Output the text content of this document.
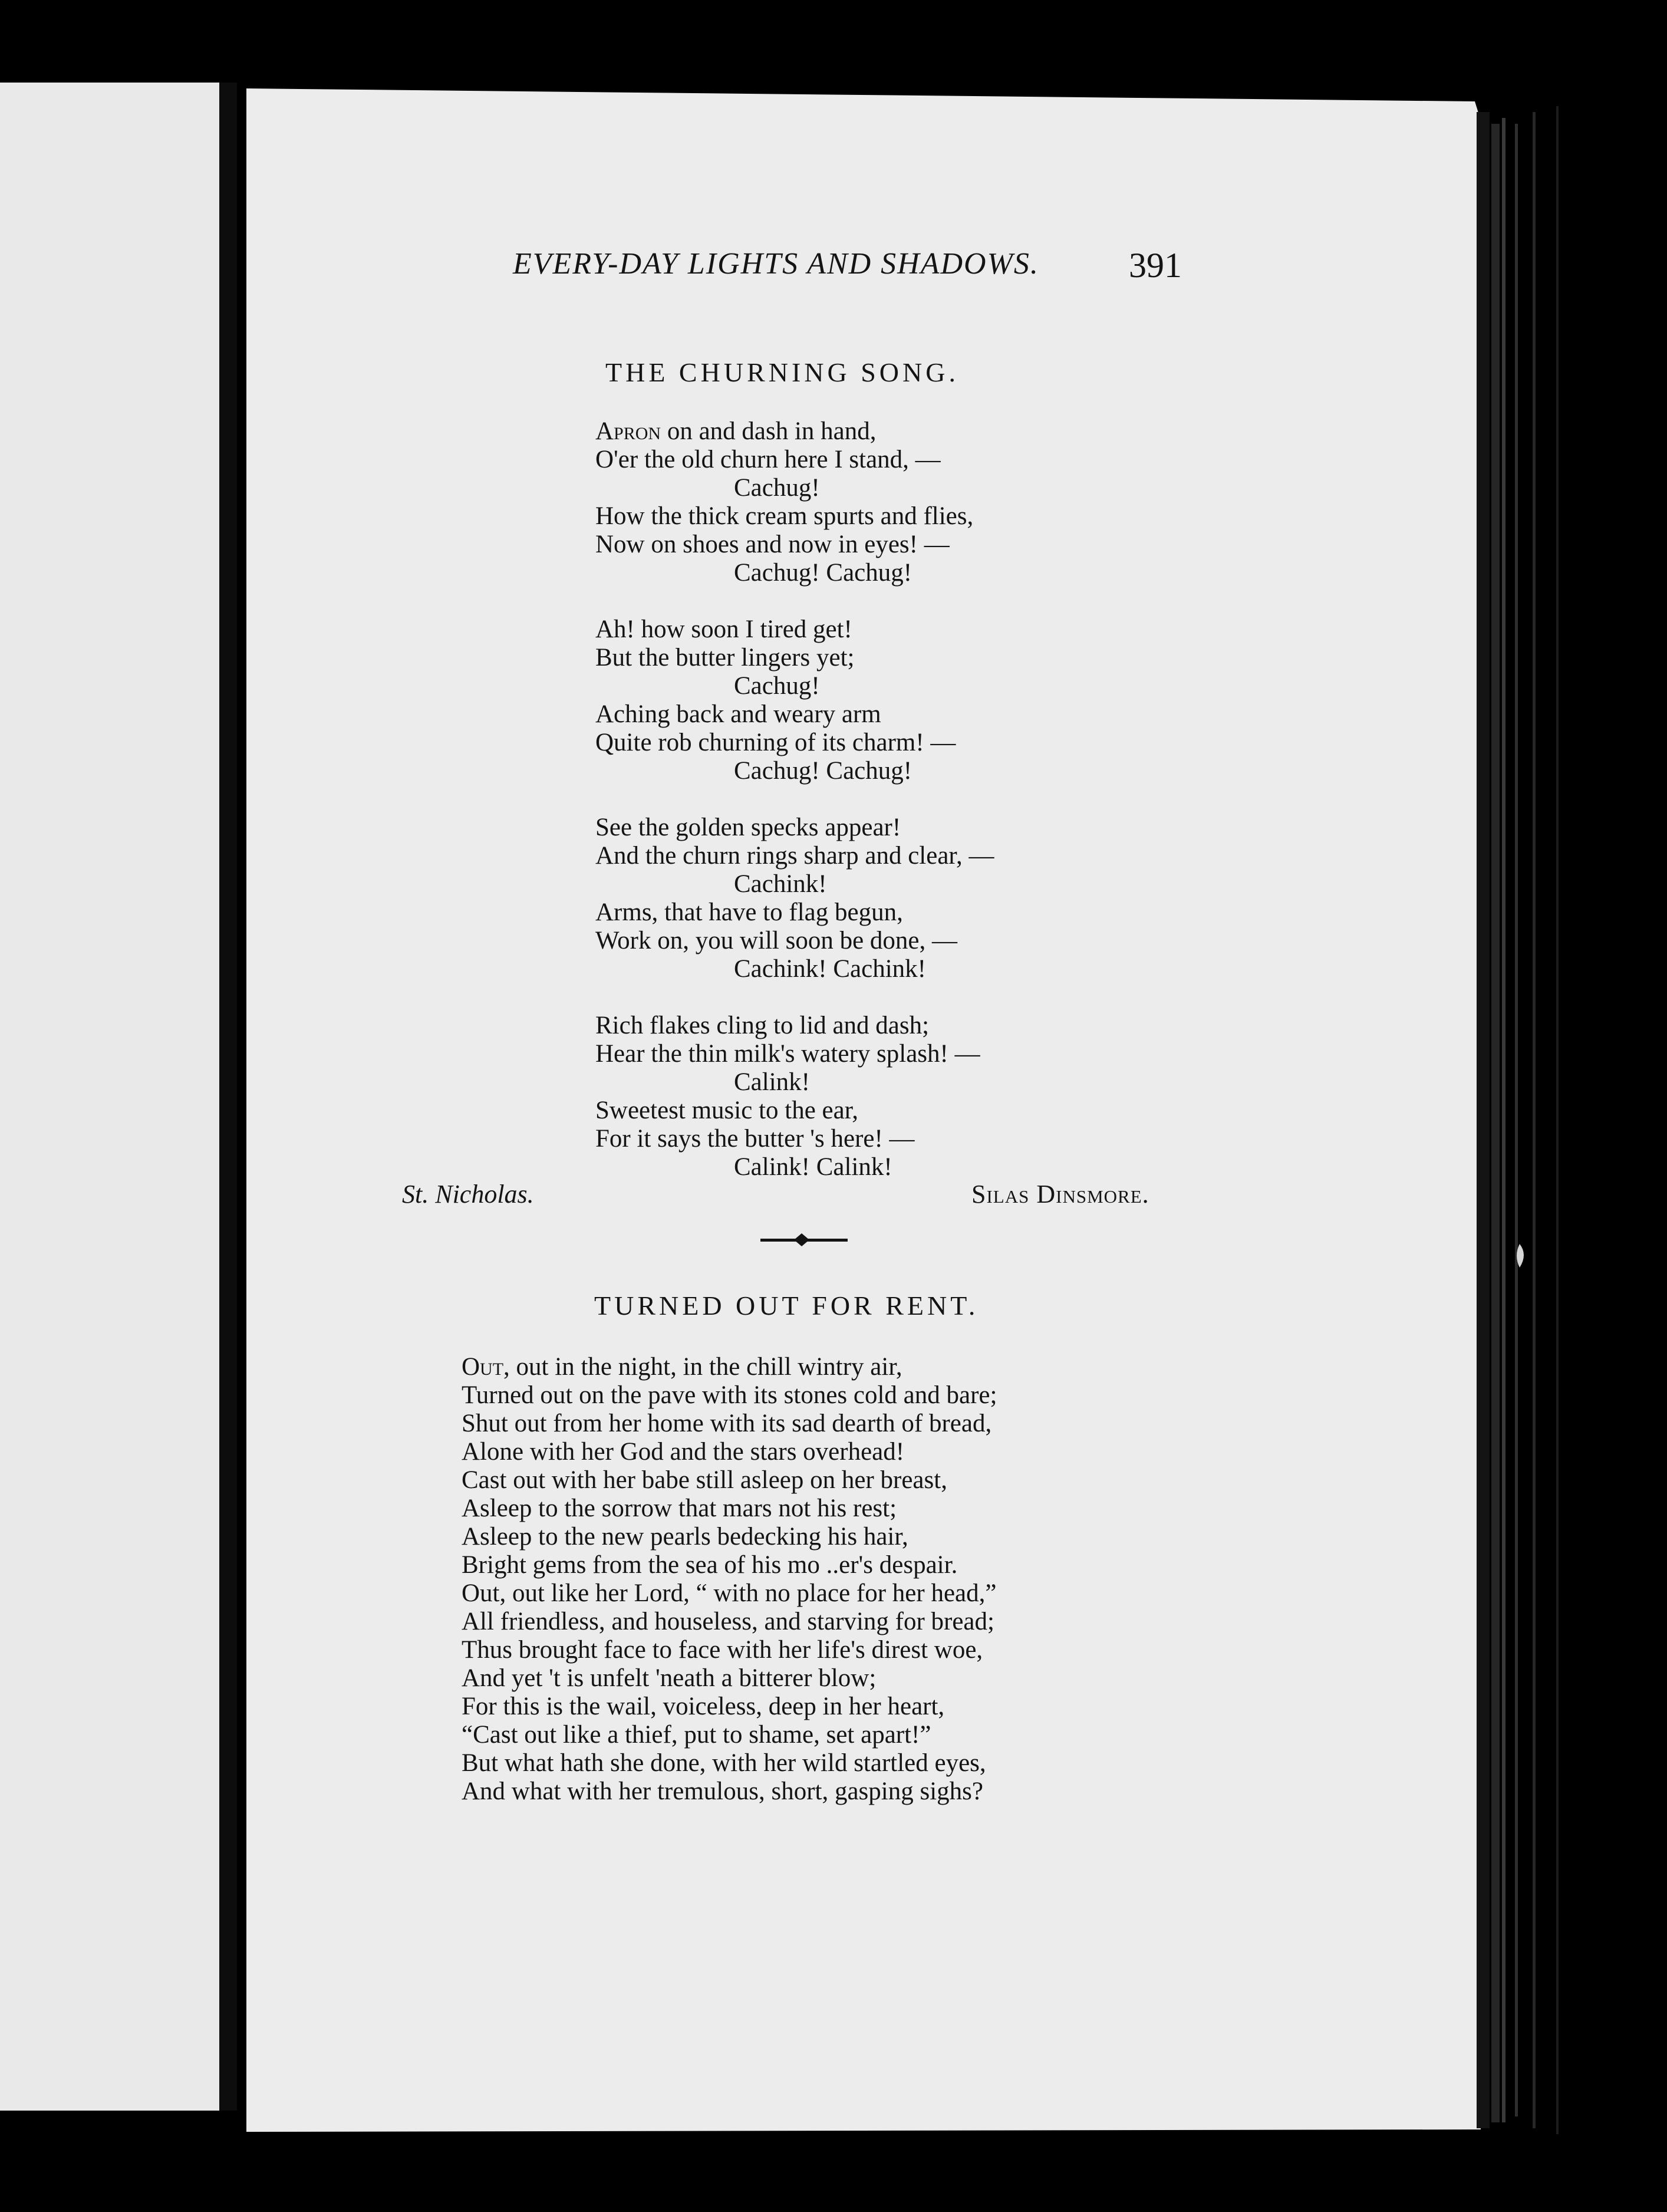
EVERY-DAY LIGHTS AND SHADOWS.	391
THE CHURNING SONG.
Apron on and dash in hand,
O'er the old churn here I stand, —
Cachug!
How the thick cream spurts and flies,
Now on shoes and now in eyes! —
Cachug! Cachug!
Ah! how soon I tired get!
But the butter lingers yet;
Cachug!
Aching back and weary arm
Quite rob churning of its charm! —
Cachug! Cachug!
See the golden specks appear!
And the churn rings sharp and clear, —
Cachink!
Arms, that have to flag begun,
Work on, you will soon be done, —
Cachink! Cachink!
Rich flakes cling to lid and dash;
Hear the thin milk's watery splash! —
Calink!
Sweetest music to the ear,
For it says the butter 's here! —
Calink! Calink!
St. Nicholas.	Silas Dinsmore.
TURNED OUT FOR RENT.
Out, out in the night, in the chill wintry air,
Turned out on the pave with its stones cold and bare;
Shut out from her home with its sad dearth of bread,
Alone with her God and the stars overhead!
Cast out with her babe still asleep on her breast,
Asleep to the sorrow that mars not his rest;
Asleep to the new pearls bedecking his hair,
Bright gems from the sea of his mo ..er's despair.
Out, out like her Lord, “ with no place for her head,”
All friendless, and houseless, and starving for bread;
Thus brought face to face with her life's direst woe,
And yet 't is unfelt 'neath a bitterer blow;
For this is the wail, voiceless, deep in her heart,
“Cast out like a thief, put to shame, set apart!”
But what hath she done, with her wild startled eyes,
And what with her tremulous, short, gasping sighs?
